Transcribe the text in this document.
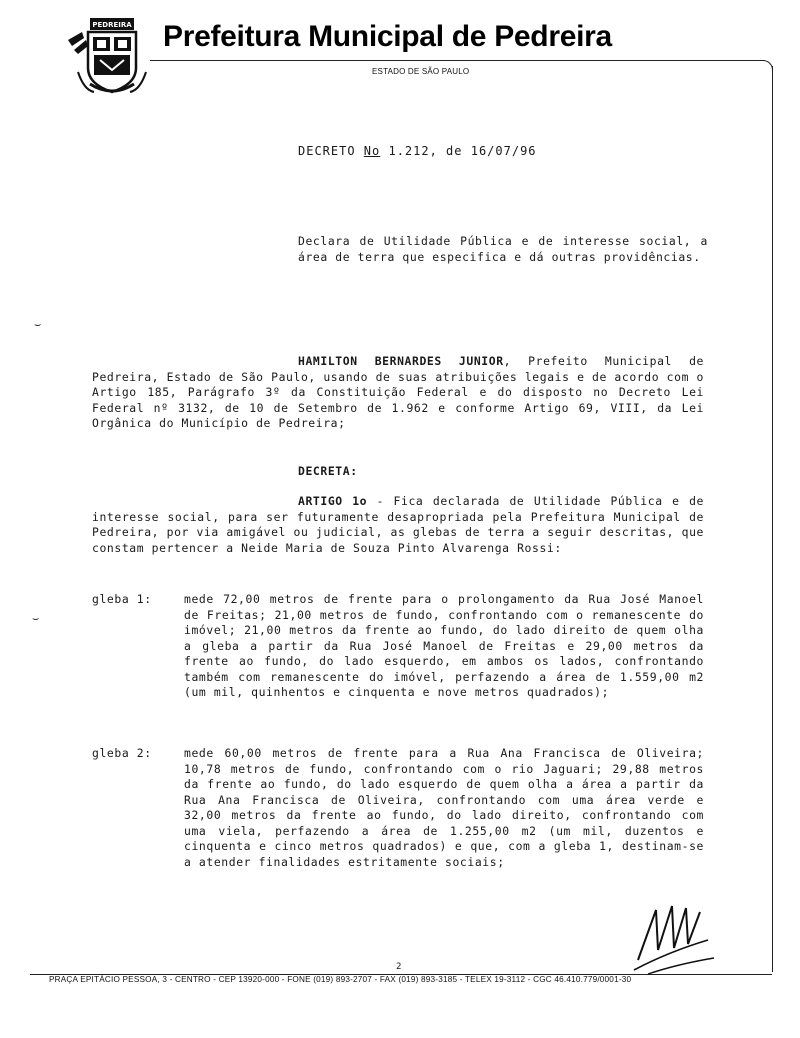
PEDREIRA Prefeitura Municipal de Pedreira
ESTADO DE SÃO PAULO
DECRETO No 1.212, de 16/07/96
Declara de Utilidade Pública e de interesse social, a área de terra que especifica e dá outras providências.
⌣
HAMILTON BERNARDES JUNIOR, Prefeito Municipal de Pedreira, Estado de São Paulo, usando de suas atribuições legais e de acordo com o Artigo 185, Parágrafo 3º da Constituição Federal e do disposto no Decreto Lei Federal nº 3132, de 10 de Setembro de 1.962 e conforme Artigo 69, VIII, da Lei Orgânica do Município de Pedreira;
DECRETA:
ARTIGO 1o - Fica declarada de Utilidade Pública e de interesse social, para ser futuramente desapropriada pela Prefeitura Municipal de Pedreira, por via amigável ou judicial, as glebas de terra a seguir descritas, que constam pertencer a Neide Maria de Souza Pinto Alvarenga Rossi:
⌣
gleba 1:	mede 72,00 metros de frente para o prolongamento da Rua José Manoel de Freitas; 21,00 metros de fundo, confrontando com o remanescente do imóvel; 21,00 metros da frente ao fundo, do lado direito de quem olha a gleba a partir da Rua José Manoel de Freitas e 29,00 metros da frente ao fundo, do lado esquerdo, em ambos os lados, confrontando também com remanescente do imóvel, perfazendo a área de 1.559,00 m2 (um mil, quinhentos e cinquenta e nove metros quadrados);
gleba 2:	mede 60,00 metros de frente para a Rua Ana Francisca de Oliveira; 10,78 metros de fundo, confrontando com o rio Jaguari; 29,88 metros da frente ao fundo, do lado esquerdo de quem olha a área a partir da Rua Ana Francisca de Oliveira, confrontando com uma área verde e 32,00 metros da frente ao fundo, do lado direito, confrontando com uma viela, perfazendo a área de 1.255,00 m2 (um mil, duzentos e cinquenta e cinco metros quadrados) e que, com a gleba 1, destinam-se a atender finalidades estritamente sociais;
2
PRAÇA EPITÁCIO PESSOA, 3 - CENTRO - CEP 13920-000 - FONE (019) 893-2707 - FAX (019) 893-3185 - TELEX 19-3112 - CGC 46.410.779/0001-30
